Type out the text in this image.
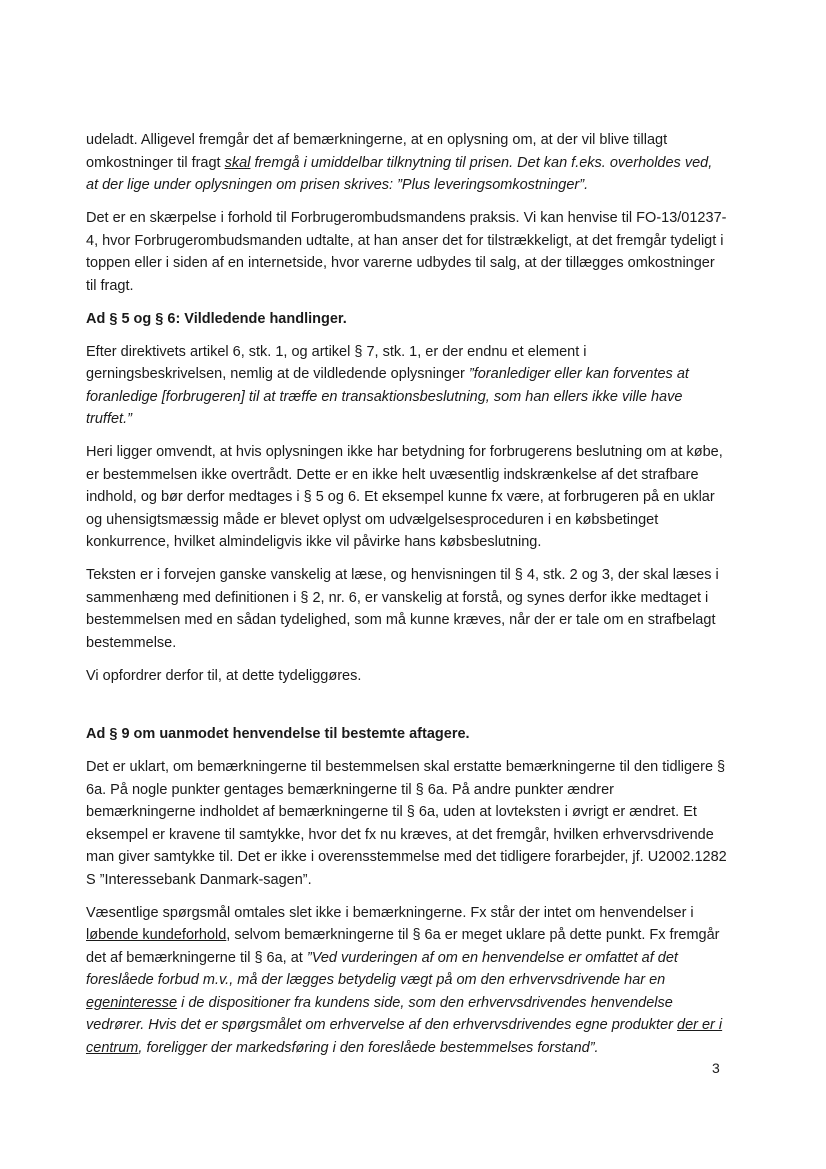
udeladt. Alligevel fremgår det af bemærkningerne, at en oplysning om, at der vil blive tillagt omkostninger til fragt skal fremgå i umiddelbar tilknytning til prisen. Det kan f.eks. overholdes ved, at der lige under oplysningen om prisen skrives: ”Plus leveringsomkostninger”.

Det er en skærpelse i forhold til Forbrugerombudsmandens praksis. Vi kan henvise til FO-13/01237-4, hvor Forbrugerombudsmanden udtalte, at han anser det for tilstrækkeligt, at det fremgår tydeligt i toppen eller i siden af en internetside, hvor varerne udbydes til salg, at der tillægges omkostninger til fragt.

Ad § 5 og § 6: Vildledende handlinger.

Efter direktivets artikel 6, stk. 1, og artikel § 7, stk. 1, er der endnu et element i gerningsbeskrivelsen, nemlig at de vildledende oplysninger ”foranlediger eller kan forventes at foranledige [forbrugeren] til at træffe en transaktionsbeslutning, som han ellers ikke ville have truffet.”

Heri ligger omvendt, at hvis oplysningen ikke har betydning for forbrugerens beslutning om at købe, er bestemmelsen ikke overtrådt. Dette er en ikke helt uvæsentlig indskrænkelse af det strafbare indhold, og bør derfor medtages i § 5 og 6. Et eksempel kunne fx være, at forbrugeren på en uklar og uhensigtsmæssig måde er blevet oplyst om udvælgelsesproceduren i en købsbetinget konkurrence, hvilket almindeligvis ikke vil påvirke hans købsbeslutning.

Teksten er i forvejen ganske vanskelig at læse, og henvisningen til § 4, stk. 2 og 3, der skal læses i sammenhæng med definitionen i § 2, nr. 6, er vanskelig at forstå, og synes derfor ikke medtaget i bestemmelsen med en sådan tydelighed, som må kunne kræves, når der er tale om en strafbelagt bestemmelse.

Vi opfordrer derfor til, at dette tydeliggøres.

Ad § 9 om uanmodet henvendelse til bestemte aftagere.

Det er uklart, om bemærkningerne til bestemmelsen skal erstatte bemærkningerne til den tidligere § 6a. På nogle punkter gentages bemærkningerne til § 6a. På andre punkter ændrer bemærkningerne indholdet af bemærkningerne til § 6a, uden at lovteksten i øvrigt er ændret. Et eksempel er kravene til samtykke, hvor det fx nu kræves, at det fremgår, hvilken erhvervsdrivende man giver samtykke til. Det er ikke i overensstemmelse med det tidligere forarbejder, jf. U2002.1282 S ”Interessebank Danmark-sagen”.

Væsentlige spørgsmål omtales slet ikke i bemærkningerne. Fx står der intet om henvendelser i løbende kundeforhold, selvom bemærkningerne til § 6a er meget uklare på dette punkt. Fx fremgår det af bemærkningerne til § 6a, at ”Ved vurderingen af om en henvendelse er omfattet af det foreslåede forbud m.v., må der lægges betydelig vægt på om den erhvervsdrivende har en egeninteresse i de dispositioner fra kundens side, som den erhvervsdrivendes henvendelse vedrører. Hvis det er spørgsmålet om erhvervelse af den erhvervsdrivendes egne produkter der er i centrum, foreligger der markedsføring i den foreslåede bestemmelses forstand”.

3
